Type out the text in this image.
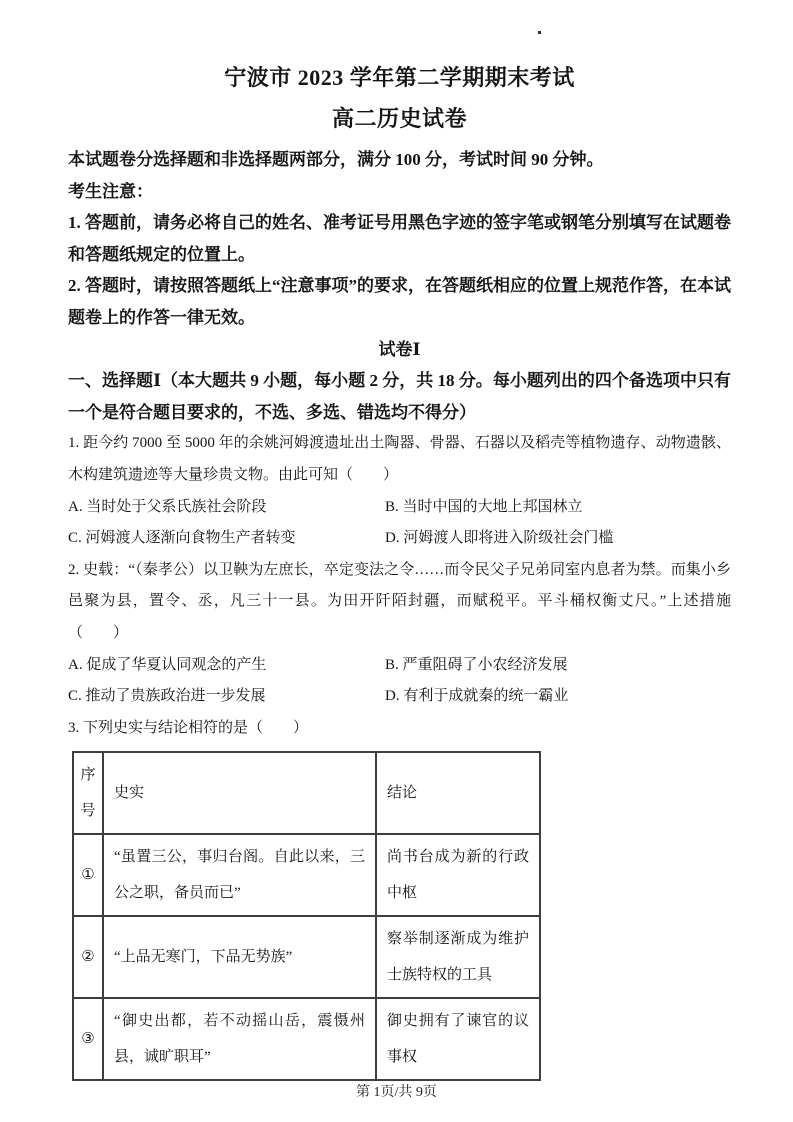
宁波市 2023 学年第二学期期末考试
高二历史试卷

本试题卷分选择题和非选择题两部分，满分 100 分，考试时间 90 分钟。

考生注意：

1. 答题前，请务必将自己的姓名、准考证号用黑色字迹的签字笔或钢笔分别填写在试题卷和答题纸规定的位置上。

2. 答题时，请按照答题纸上“注意事项”的要求，在答题纸相应的位置上规范作答，在本试题卷上的作答一律无效。

试卷Ⅰ

一、选择题Ⅰ（本大题共 9 小题，每小题 2 分，共 18 分。每小题列出的四个备选项中只有一个是符合题目要求的，不选、多选、错选均不得分）

1. 距今约 7000 至 5000 年的余姚河姆渡遗址出土陶器、骨器、石器以及稻壳等植物遗存、动物遗骸、木构建筑遗迹等大量珍贵文物。由此可知（　　）

A. 当时处于父系氏族社会阶段	B. 当时中国的大地上邦国林立
C. 河姆渡人逐渐向食物生产者转变	D. 河姆渡人即将进入阶级社会门槛

2. 史载：“（秦孝公）以卫鞅为左庶长，卒定变法之令……而令民父子兄弟同室内息者为禁。而集小乡邑聚为县，置令、丞，凡三十一县。为田开阡陌封疆，而赋税平。平斗桶权衡丈尺。”上述措施（　　）

A. 促成了华夏认同观念的产生	B. 严重阻碍了小农经济发展
C. 推动了贵族政治进一步发展	D. 有利于成就秦的统一霸业

3. 下列史实与结论相符的是（　　）

序号	史实	结论
①	“虽置三公，事归台阁。自此以来，三公之职，备员而已”	尚书台成为新的行政中枢
②	“上品无寒门，下品无势族”	察举制逐渐成为维护士族特权的工具
③	“御史出都，若不动摇山岳，震慑州县，诚旷职耳”	御史拥有了谏官的议事权
第 1页/共 9页
